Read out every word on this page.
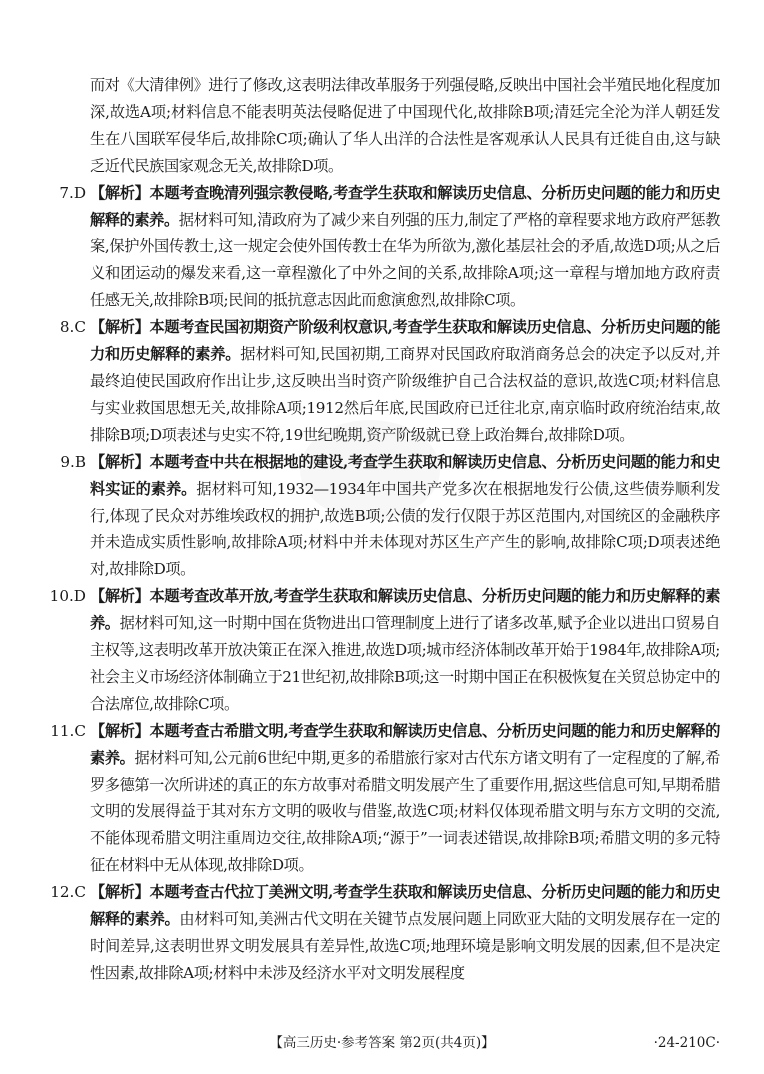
而对《大清律例》进行了修改,这表明法律改革服务于列强侵略,反映出中国社会半殖民地化程度加深,故选A项;材料信息不能表明英法侵略促进了中国现代化,故排除B项;清廷完全沦为洋人朝廷发生在八国联军侵华后,故排除C项;确认了华人出洋的合法性是客观承认人民具有迁徙自由,这与缺乏近代民族国家观念无关,故排除D项。

7.D 【解析】本题考查晚清列强宗教侵略,考查学生获取和解读历史信息、分析历史问题的能力和历史解释的素养。据材料可知,清政府为了减少来自列强的压力,制定了严格的章程要求地方政府严惩教案,保护外国传教士,这一规定会使外国传教士在华为所欲为,激化基层社会的矛盾,故选D项;从之后义和团运动的爆发来看,这一章程激化了中外之间的关系,故排除A项;这一章程与增加地方政府责任感无关,故排除B项;民间的抵抗意志因此而愈演愈烈,故排除C项。

8.C 【解析】本题考查民国初期资产阶级利权意识,考查学生获取和解读历史信息、分析历史问题的能力和历史解释的素养。据材料可知,民国初期,工商界对民国政府取消商务总会的决定予以反对,并最终迫使民国政府作出让步,这反映出当时资产阶级维护自己合法权益的意识,故选C项;材料信息与实业救国思想无关,故排除A项;1912然后年底,民国政府已迁往北京,南京临时政府统治结束,故排除B项;D项表述与史实不符,19世纪晚期,资产阶级就已登上政治舞台,故排除D项。

9.B 【解析】本题考查中共在根据地的建设,考查学生获取和解读历史信息、分析历史问题的能力和史料实证的素养。据材料可知,1932—1934年中国共产党多次在根据地发行公债,这些债券顺利发行,体现了民众对苏维埃政权的拥护,故选B项;公债的发行仅限于苏区范围内,对国统区的金融秩序并未造成实质性影响,故排除A项;材料中并未体现对苏区生产产生的影响,故排除C项;D项表述绝对,故排除D项。

10.D 【解析】本题考查改革开放,考查学生获取和解读历史信息、分析历史问题的能力和历史解释的素养。据材料可知,这一时期中国在货物进出口管理制度上进行了诸多改革,赋予企业以进出口贸易自主权等,这表明改革开放决策正在深入推进,故选D项;城市经济体制改革开始于1984年,故排除A项;社会主义市场经济体制确立于21世纪初,故排除B项;这一时期中国正在积极恢复在关贸总协定中的合法席位,故排除C项。

11.C 【解析】本题考查古希腊文明,考查学生获取和解读历史信息、分析历史问题的能力和历史解释的素养。据材料可知,公元前6世纪中期,更多的希腊旅行家对古代东方诸文明有了一定程度的了解,希罗多德第一次所讲述的真正的东方故事对希腊文明发展产生了重要作用,据这些信息可知,早期希腊文明的发展得益于其对东方文明的吸收与借鉴,故选C项;材料仅体现希腊文明与东方文明的交流,不能体现希腊文明注重周边交往,故排除A项;“源于”一词表述错误,故排除B项;希腊文明的多元特征在材料中无从体现,故排除D项。

12.C 【解析】本题考查古代拉丁美洲文明,考查学生获取和解读历史信息、分析历史问题的能力和历史解释的素养。由材料可知,美洲古代文明在关键节点发展问题上同欧亚大陆的文明发展存在一定的时间差异,这表明世界文明发展具有差异性,故选C项;地理环境是影响文明发展的因素,但不是决定性因素,故排除A项;材料中未涉及经济水平对文明发展程度

【高三历史·参考答案 第2页(共4页)】	·24-210C·
